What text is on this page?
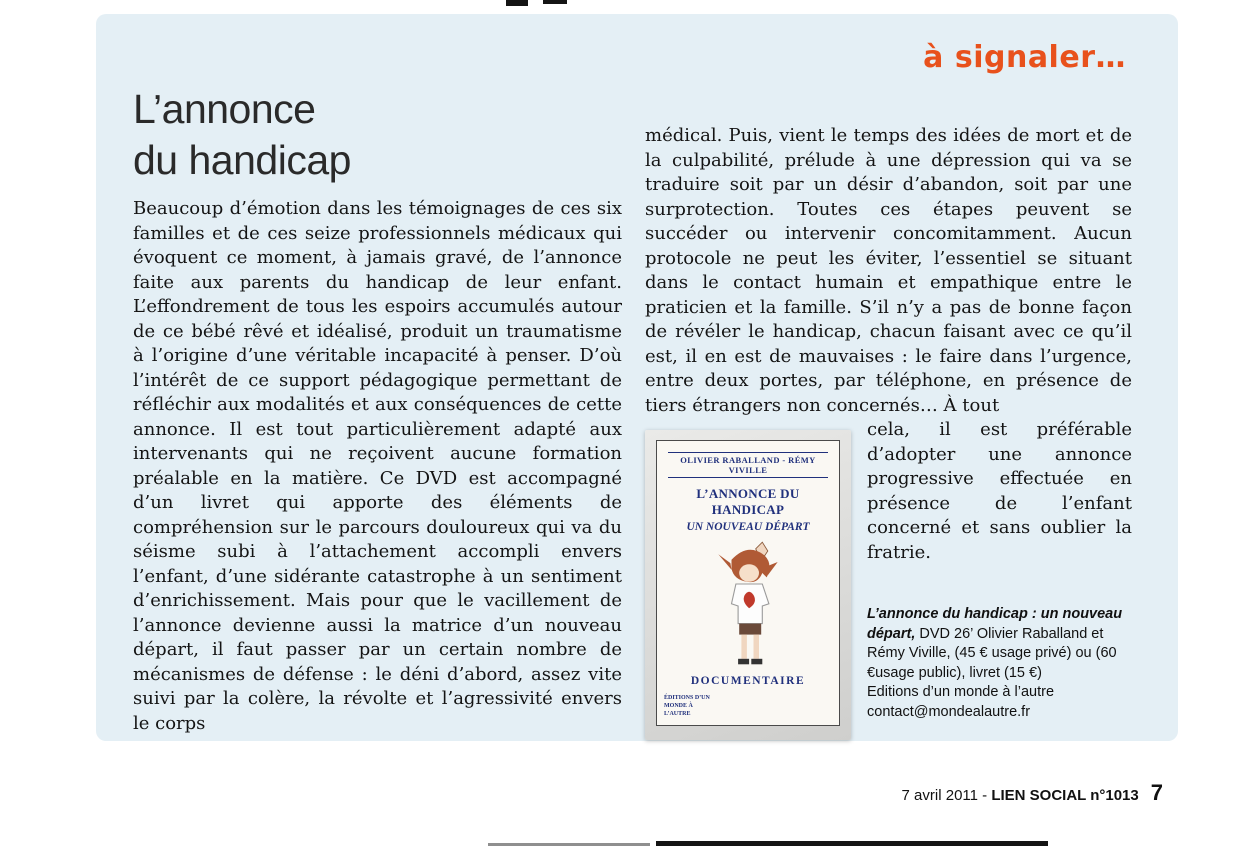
à signaler…
L’annonce
du handicap

Beaucoup d’émotion dans les témoignages de ces six familles et de ces seize professionnels médicaux qui évoquent ce moment, à jamais gravé, de l’annonce faite aux parents du handicap de leur enfant. L’effondrement de tous les espoirs accumulés autour de ce bébé rêvé et idéalisé, produit un traumatisme à l’origine d’une véritable incapacité à penser. D’où l’intérêt de ce support pédagogique permettant de réfléchir aux modalités et aux conséquences de cette annonce. Il est tout particulièrement adapté aux intervenants qui ne reçoivent aucune formation préalable en la matière. Ce DVD est accompagné d’un livret qui apporte des éléments de compréhension sur le parcours douloureux qui va du séisme subi à l’attachement accompli envers l’enfant, d’une sidérante catastrophe à un sentiment d’enrichissement. Mais pour que le vacillement de l’annonce devienne aussi la matrice d’un nouveau départ, il faut passer par un certain nombre de mécanismes de défense : le déni d’abord, assez vite suivi par la colère, la révolte et l’agressivité envers le corps

médical. Puis, vient le temps des idées de mort et de la culpabilité, prélude à une dépression qui va se traduire soit par un désir d’abandon, soit par une surprotection. Toutes ces étapes peuvent se succéder ou intervenir concomitamment. Aucun protocole ne peut les éviter, l’essentiel se situant dans le contact humain et empathique entre le praticien et la famille. S’il n’y a pas de bonne façon de révéler le handicap, chacun faisant avec ce qu’il est, il en est de mauvaises : le faire dans l’urgence, entre deux portes, par téléphone, en présence de tiers étrangers non concernés… À tout

OLIVIER RABALLAND - RÉMY VIVILLE
L’ANNONCE DU HANDICAP
UN NOUVEAU DÉPART
DOCUMENTAIRE
ÉDITIONS D’UN MONDE À L’AUTRE

cela, il est préférable d’adopter une annonce progressive effectuée en présence de l’enfant concerné et sans oublier la fratrie.

L’annonce du handicap : un nouveau départ, DVD 26’ Olivier Raballand et Rémy Viville, (45 € usage privé) ou (60 €usage public), livret (15 €)
Editions d’un monde à l’autre
contact@mondealautre.fr

7 avril 2011 - LIEN SOCIAL n°1013 7
